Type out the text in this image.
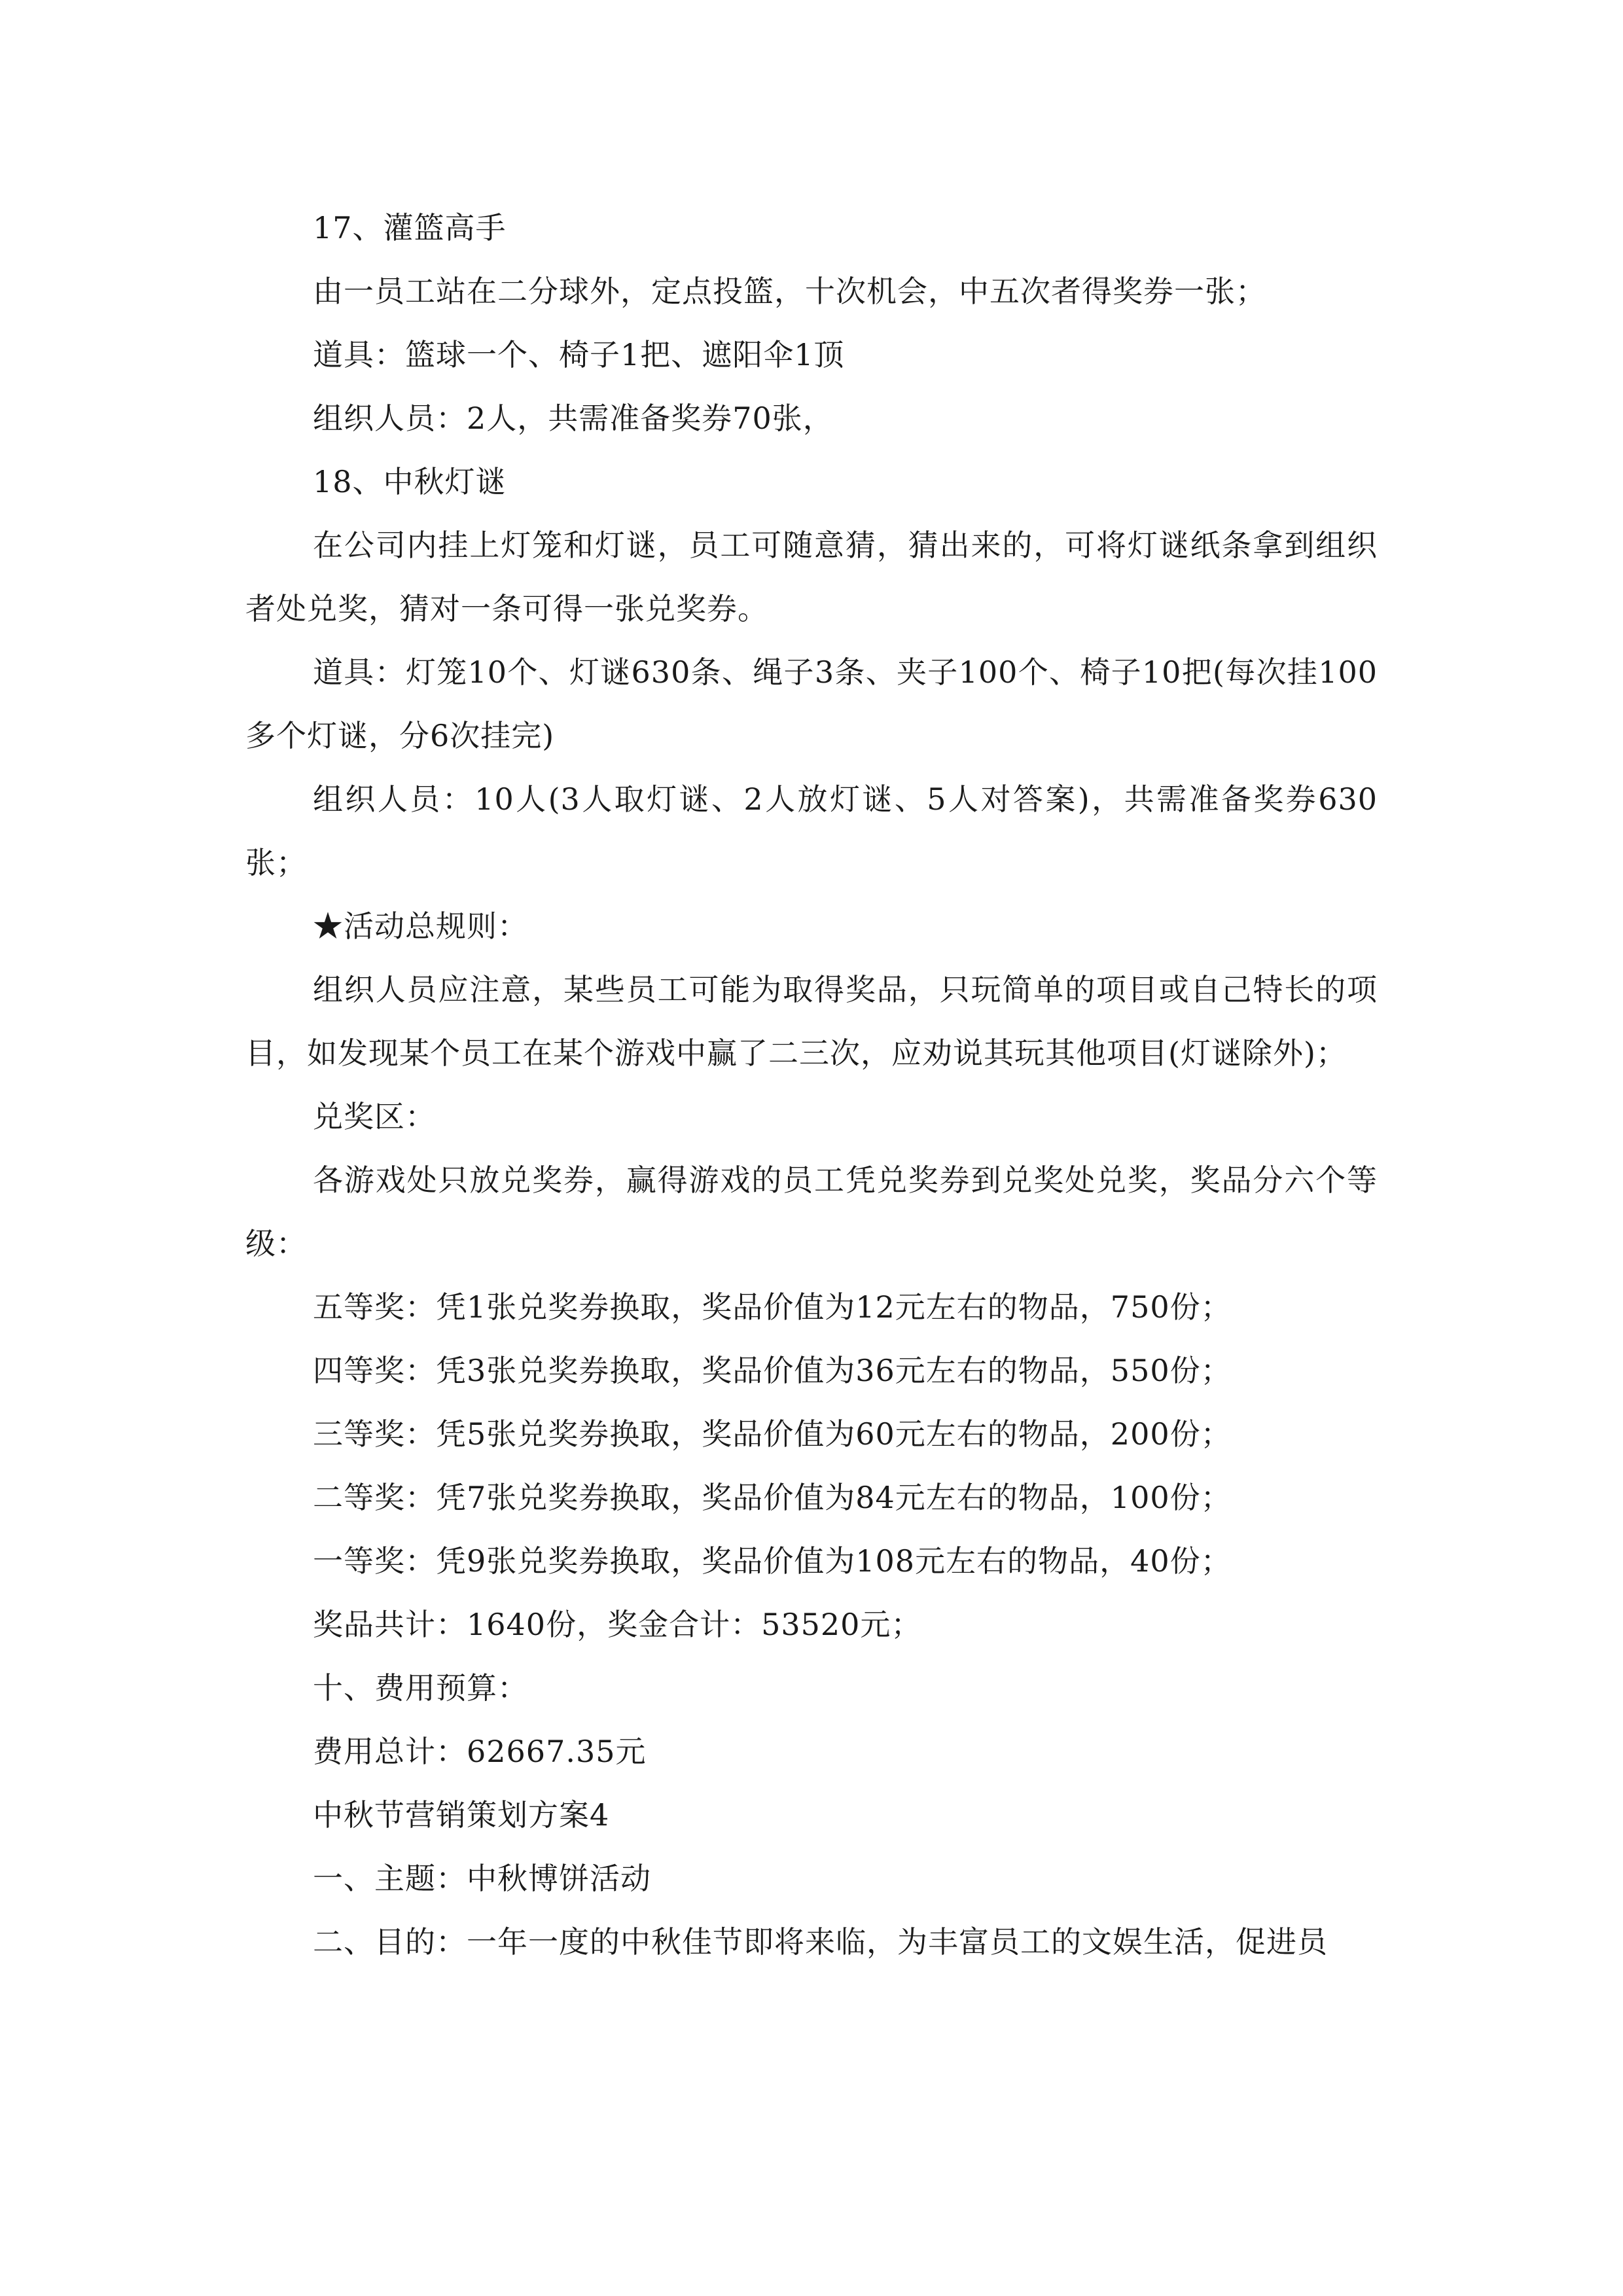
17、灌篮高手

由一员工站在二分球外，定点投篮，十次机会，中五次者得奖券一张；

道具：篮球一个、椅子1把、遮阳伞1顶

组织人员：2人，共需准备奖券70张，

18、中秋灯谜

在公司内挂上灯笼和灯谜，员工可随意猜，猜出来的，可将灯谜纸条拿到组织者处兑奖，猜对一条可得一张兑奖券。

道具：灯笼10个、灯谜630条、绳子3条、夹子100个、椅子10把(每次挂100多个灯谜，分6次挂完)

组织人员：10人(3人取灯谜、2人放灯谜、5人对答案)，共需准备奖券630张；

★活动总规则：

组织人员应注意，某些员工可能为取得奖品，只玩简单的项目或自己特长的项目，如发现某个员工在某个游戏中赢了二三次，应劝说其玩其他项目(灯谜除外)；

兑奖区：

各游戏处只放兑奖券，赢得游戏的员工凭兑奖券到兑奖处兑奖，奖品分六个等级：

五等奖：凭1张兑奖券换取，奖品价值为12元左右的物品，750份；

四等奖：凭3张兑奖券换取，奖品价值为36元左右的物品，550份；

三等奖：凭5张兑奖券换取，奖品价值为60元左右的物品，200份；

二等奖：凭7张兑奖券换取，奖品价值为84元左右的物品，100份；

一等奖：凭9张兑奖券换取，奖品价值为108元左右的物品，40份；

奖品共计：1640份，奖金合计：53520元；

十、费用预算：

费用总计：62667.35元

中秋节营销策划方案4

一、主题：中秋博饼活动

二、目的：一年一度的中秋佳节即将来临，为丰富员工的文娱生活，促进员
